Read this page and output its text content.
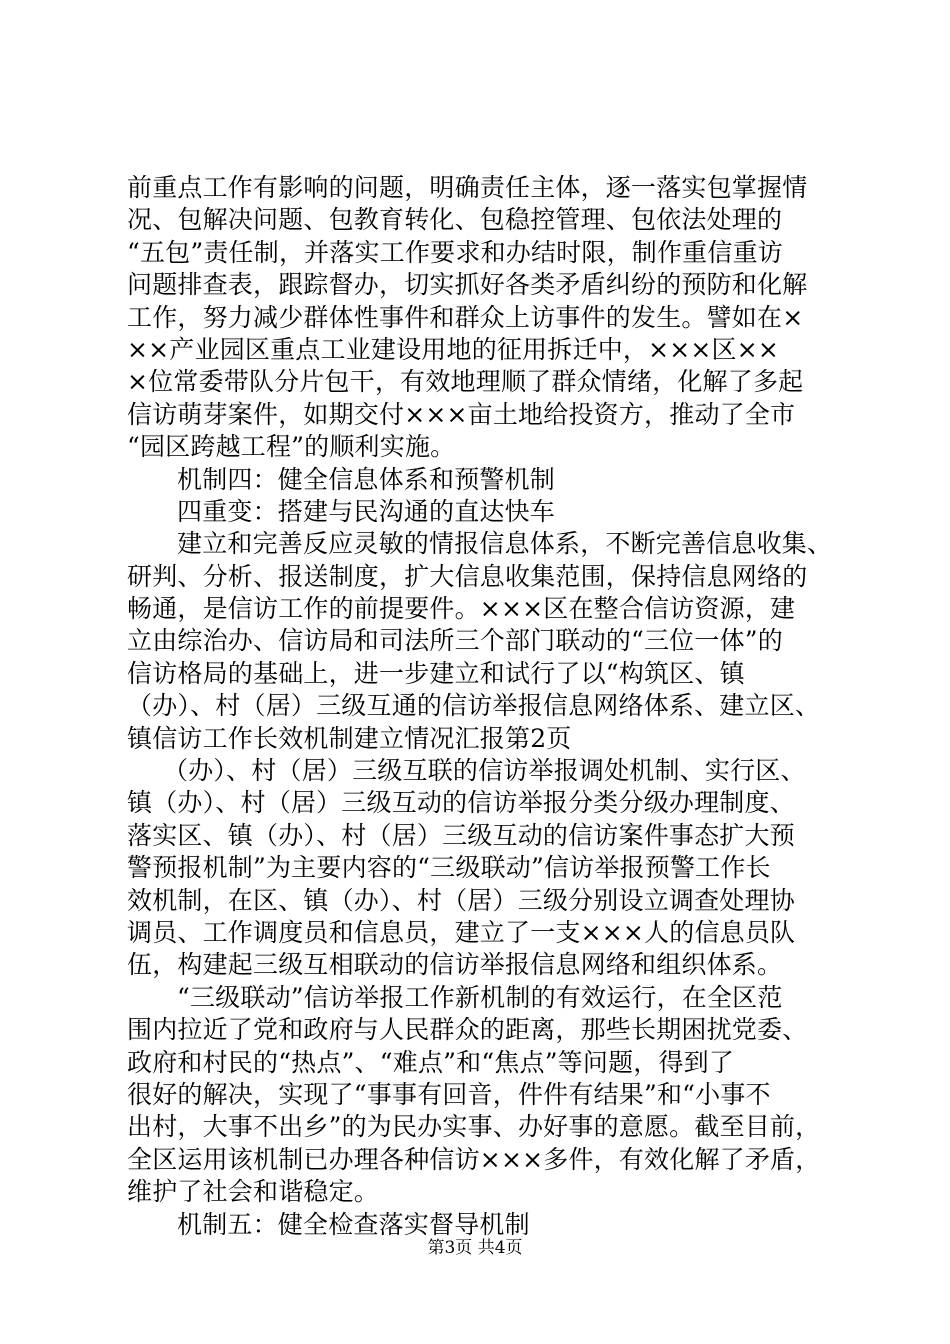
前重点工作有影响的问题，明确责任主体，逐一落实包掌握情
况、包解决问题、包教育转化、包稳控管理、包依法处理的
“五包”责任制，并落实工作要求和办结时限，制作重信重访
问题排查表，跟踪督办，切实抓好各类矛盾纠纷的预防和化解
工作，努力减少群体性事件和群众上访事件的发生。譬如在×
××产业园区重点工业建设用地的征用拆迁中，×××区××
×位常委带队分片包干，有效地理顺了群众情绪，化解了多起
信访萌芽案件，如期交付×××亩土地给投资方，推动了全市
“园区跨越工程”的顺利实施。
机制四：健全信息体系和预警机制
四重变：搭建与民沟通的直达快车
建立和完善反应灵敏的情报信息体系，不断完善信息收集、
研判、分析、报送制度，扩大信息收集范围，保持信息网络的
畅通，是信访工作的前提要件。×××区在整合信访资源，建
立由综治办、信访局和司法所三个部门联动的“三位一体”的
信访格局的基础上，进一步建立和试行了以“构筑区、镇
（办）、村（居）三级互通的信访举报信息网络体系、建立区、
镇信访工作长效机制建立情况汇报第2页
（办）、村（居）三级互联的信访举报调处机制、实行区、
镇（办）、村（居）三级互动的信访举报分类分级办理制度、
落实区、镇（办）、村（居）三级互动的信访案件事态扩大预
警预报机制”为主要内容的“三级联动”信访举报预警工作长
效机制，在区、镇（办）、村（居）三级分别设立调查处理协
调员、工作调度员和信息员，建立了一支×××人的信息员队
伍，构建起三级互相联动的信访举报信息网络和组织体系。
“三级联动”信访举报工作新机制的有效运行，在全区范
围内拉近了党和政府与人民群众的距离，那些长期困扰党委、
政府和村民的“热点”、“难点”和“焦点”等问题，得到了
很好的解决，实现了“事事有回音，件件有结果”和“小事不
出村，大事不出乡”的为民办实事、办好事的意愿。截至目前，
全区运用该机制已办理各种信访×××多件，有效化解了矛盾，
维护了社会和谐稳定。
机制五：健全检查落实督导机制
第3页 共4页
